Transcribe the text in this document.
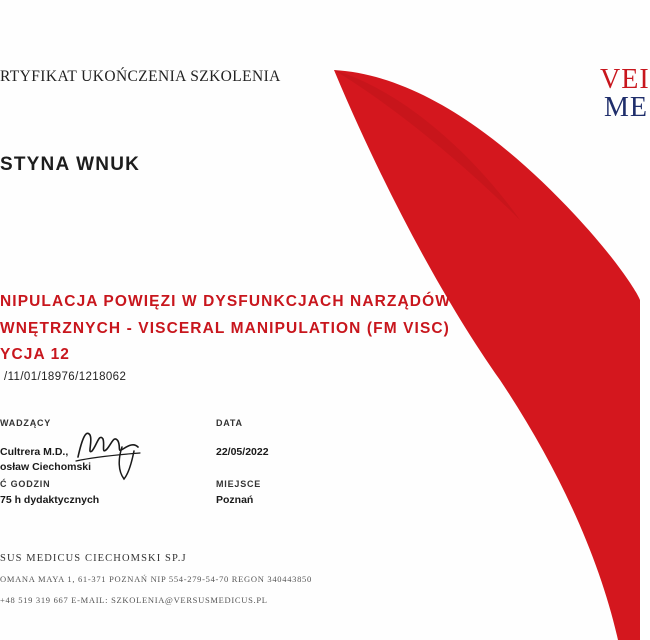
RTYFIKAT UKOŃCZENIA SZKOLENIA
STYNA WNUK
NIPULACJA POWIĘZI W DYSFUNKCJACH NARZĄDÓW
WNĘTRZNYCH - VISCERAL MANIPULATION (FM VISC)
YCJA 12
/11/01/18976/1218062
WADZĄCY
Cultrera M.D.,
osław Ciechomski
Ć GODZIN
75 h dydaktycznych
DATA
22/05/2022
MIEJSCE
Poznań
SUS MEDICUS CIECHOMSKI SP.J
OMANA MAYA 1, 61-371 POZNAŃ NIP 554-279-54-70 REGON 340443850
+48 519 319 667 E-MAIL: SZKOLENIA@VERSUSMEDICUS.PL
VEI
ME
